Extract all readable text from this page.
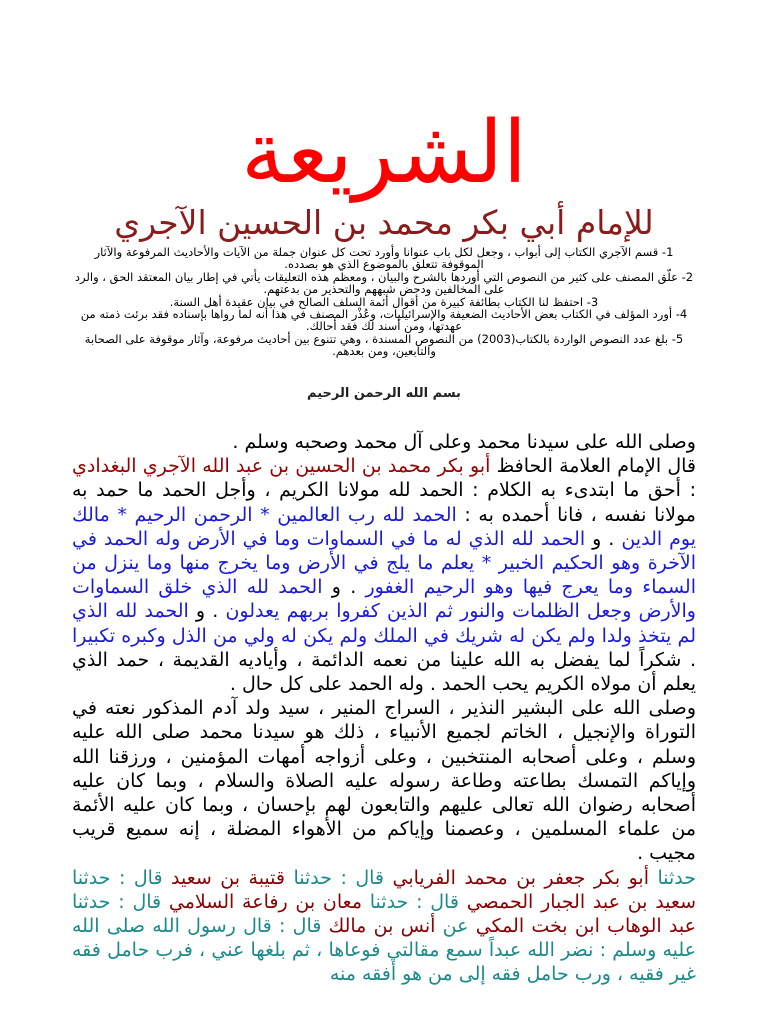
الشريعة
للإمام أبي بكر محمد بن الحسين الآجري

1- قسم الآجري الكتاب إلى أبواب ، وجعل لكل باب عنوانا وأورد تحت كل عنوان جملة من الآيات والأحاديث المرفوعة والآثار الموقوفة تتعلق بالموضوع الذي هو بصدده.

2- علّق المصنف على كثير من النصوص التي أوردها بالشرح والبيان ، ومعظم هذه التعليقات يأتي في إطار بيان المعتقد الحق ، والرد على المخالفين ودحض شبههم والتحذير من بدعتهم.

3- احتفظ لنا الكتاب بطائفة كبيرة من أقوال أئمة السلف الصالح في بيان عقيدة أهل السنة.

4- أورد المؤلف في الكتاب بعض الأحاديث الضعيفة والإسرائيليات، وعُذْر المصنف في هذا أنه لما رواها بإسناده فقد برئت ذمته من عهدتها، ومن أسند لك فقد أحالك.

5- بلغ عدد النصوص الواردة بالكتاب(2003) من النصوص المسندة ، وهي تتنوع بين أحاديث مرفوعة، وآثار موقوفة على الصحابة والتابعين، ومن بعدهم.

بسم الله الرحمن الرحيم

وصلى الله على سيدنا محمد وعلى آل محمد وصحبه وسلم .

قال الإمام العلامة الحافظ أبو بكر محمد بن الحسين بن عبد الله الآجري البغدادي : أحق ما ابتدىء به الكلام : الحمد لله مولانا الكريم ، وأجل الحمد ما حمد به مولانا نفسه ، فانا أحمده به : الحمد لله رب العالمين * الرحمن الرحيم * مالك يوم الدين . و الحمد لله الذي له ما في السماوات وما في الأرض وله الحمد في الآخرة وهو الحكيم الخبير * يعلم ما يلج في الأرض وما يخرج منها وما ينزل من السماء وما يعرج فيها وهو الرحيم الغفور . و الحمد لله الذي خلق السماوات والأرض وجعل الظلمات والنور ثم الذين كفروا بربهم يعدلون . و الحمد لله الذي لم يتخذ ولدا ولم يكن له شريك في الملك ولم يكن له ولي من الذل وكبره تكبيرا . شكراً لما يفضل به الله علينا من نعمه الدائمة ، وأياديه القديمة ، حمد الذي يعلم أن مولاه الكريم يحب الحمد . وله الحمد على كل حال .

وصلى الله على البشير النذير ، السراج المنير ، سيد ولد آدم المذكور نعته في التوراة والإنجيل ، الخاتم لجميع الأنبياء ، ذلك هو سيدنا محمد صلى الله عليه وسلم ، وعلى أصحابه المنتخبين ، وعلى أزواجه أمهات المؤمنين ، ورزقنا الله وإياكم التمسك بطاعته وطاعة رسوله عليه الصلاة والسلام ، وبما كان عليه أصحابه رضوان الله تعالى عليهم والتابعون لهم بإحسان ، وبما كان عليه الأئمة من علماء المسلمين ، وعصمنا وإياكم من الأهواء المضلة ، إنه سميع قريب مجيب .

حدثنا أبو بكر جعفر بن محمد الفريابي قال : حدثنا قتيبة بن سعيد قال : حدثنا سعيد بن عبد الجبار الحمصي قال : حدثنا معان بن رفاعة السلامي قال : حدثنا عبد الوهاب ابن بخت المكي عن أنس بن مالك قال : قال رسول الله صلى الله عليه وسلم : نضر الله عبداً سمع مقالتي فوعاها ، ثم بلغها عني ، فرب حامل فقه غير فقيه ، ورب حامل فقه إلى من هو أفقه منه
